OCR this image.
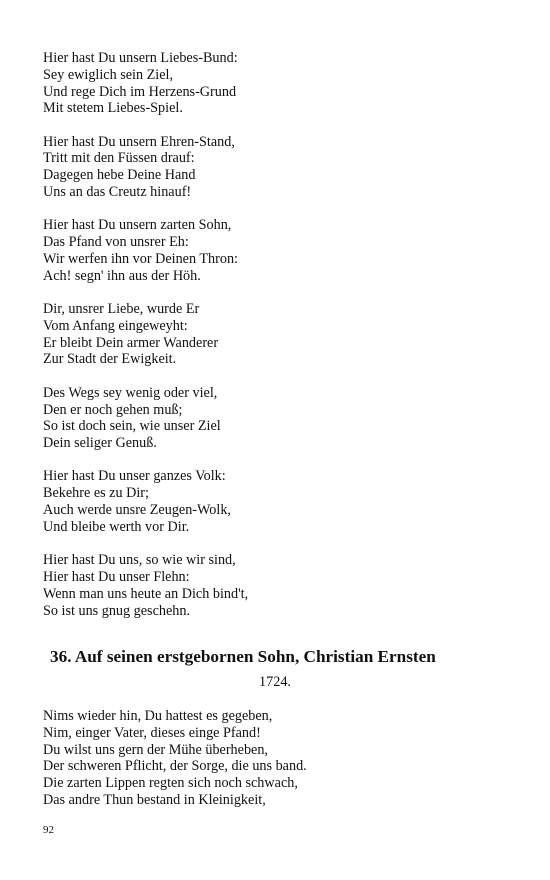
Hier hast Du unsern Liebes-Bund:
Sey ewiglich sein Ziel,
Und rege Dich im Herzens-Grund
Mit stetem Liebes-Spiel.
Hier hast Du unsern Ehren-Stand,
Tritt mit den Füssen drauf:
Dagegen hebe Deine Hand
Uns an das Creutz hinauf!
Hier hast Du unsern zarten Sohn,
Das Pfand von unsrer Eh:
Wir werfen ihn vor Deinen Thron:
Ach! segn' ihn aus der Höh.
Dir, unsrer Liebe, wurde Er
Vom Anfang eingeweyht:
Er bleibt Dein armer Wanderer
Zur Stadt der Ewigkeit.
Des Wegs sey wenig oder viel,
Den er noch gehen muß;
So ist doch sein, wie unser Ziel
Dein seliger Genuß.
Hier hast Du unser ganzes Volk:
Bekehre es zu Dir;
Auch werde unsre Zeugen-Wolk,
Und bleibe werth vor Dir.
Hier hast Du uns, so wie wir sind,
Hier hast Du unser Flehn:
Wenn man uns heute an Dich bind't,
So ist uns gnug geschehn.
36. Auf seinen erstgebornen Sohn, Christian Ernsten
1724.
Nims wieder hin, Du hattest es gegeben,
Nim, einger Vater, dieses einge Pfand!
Du wilst uns gern der Mühe überheben,
Der schweren Pflicht, der Sorge, die uns band.
Die zarten Lippen regten sich noch schwach,
Das andre Thun bestand in Kleinigkeit,
92
